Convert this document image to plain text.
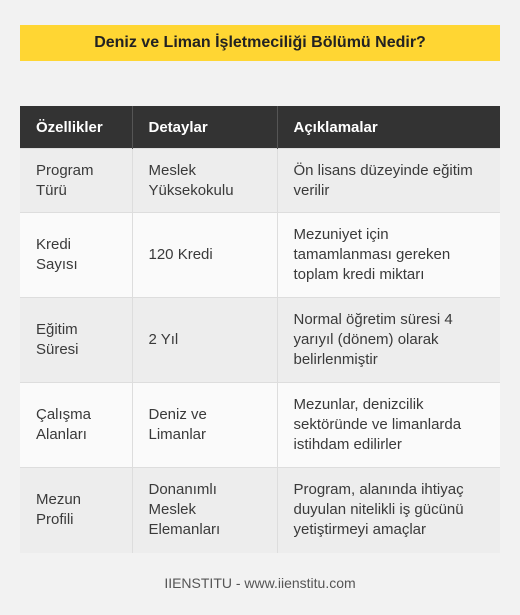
Deniz ve Liman İşletmeciliği Bölümü Nedir?
Özellikler	Detaylar	Açıklamalar
Program Türü	Meslek Yüksekokulu	Ön lisans düzeyinde eğitim verilir
Kredi Sayısı	120 Kredi	Mezuniyet için tamamlanması gereken toplam kredi miktarı
Eğitim Süresi	2 Yıl	Normal öğretim süresi 4 yarıyıl (dönem) olarak belirlenmiştir
Çalışma Alanları	Deniz ve Limanlar	Mezunlar, denizcilik sektöründe ve limanlarda istihdam edilirler
Mezun Profili	Donanımlı Meslek Elemanları	Program, alanında ihtiyaç duyulan nitelikli iş gücünü yetiştirmeyi amaçlar
IIENSTITU - www.iienstitu.com
